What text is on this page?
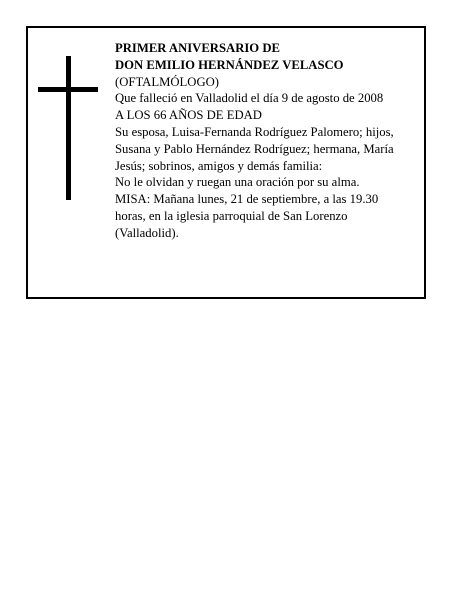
PRIMER ANIVERSARIO DE
DON EMILIO HERNÁNDEZ VELASCO
(OFTALMÓLOGO)
Que falleció en Valladolid el día 9 de agosto de 2008
A LOS 66 AÑOS DE EDAD
Su esposa, Luisa-Fernanda Rodríguez Palomero; hijos,
Susana y Pablo Hernández Rodríguez; hermana, María
Jesús; sobrinos, amigos y demás familia:
No le olvidan y ruegan una oración por su alma.
MISA: Mañana lunes, 21 de septiembre, a las 19.30
horas, en la iglesia parroquial de San Lorenzo
(Valladolid).
